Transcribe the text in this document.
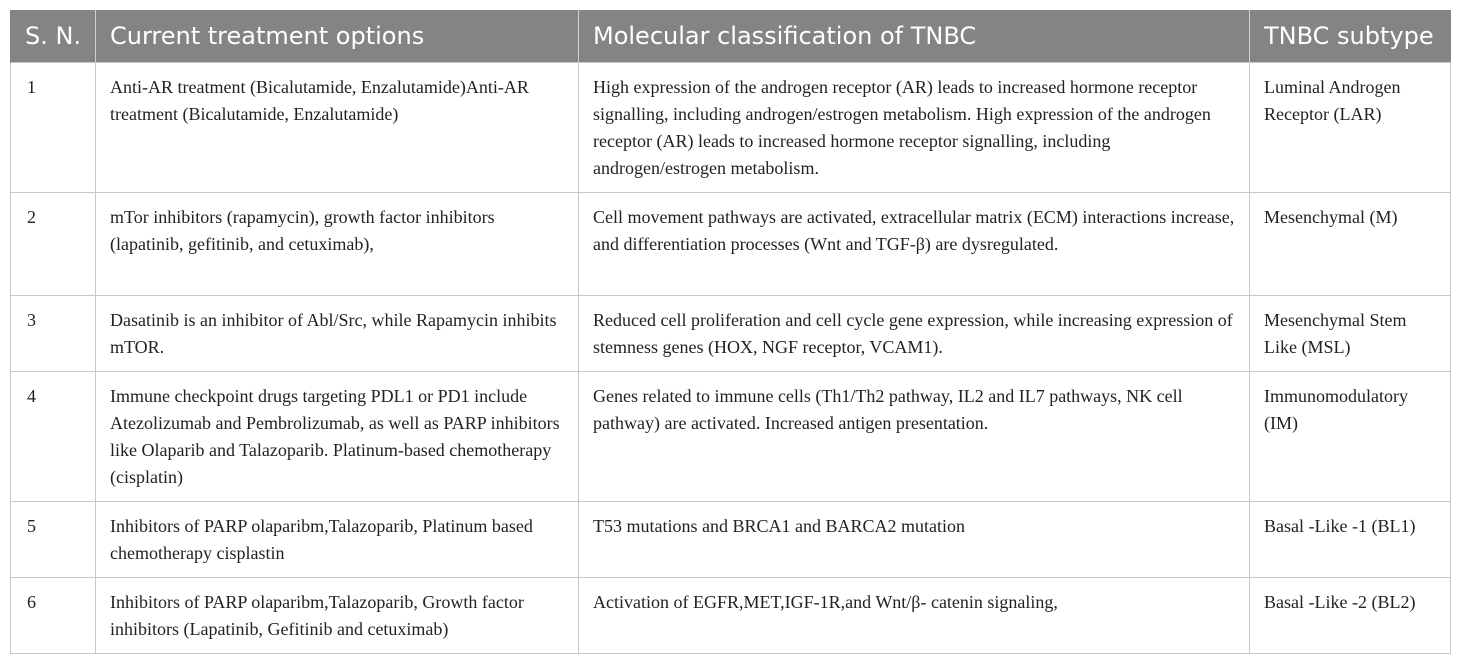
S. N.	Current treatment options	Molecular classification of TNBC	TNBC subtype
1	Anti-AR treatment (Bicalutamide, Enzalutamide)Anti-AR treatment (Bicalutamide, Enzalutamide)	High expression of the androgen receptor (AR) leads to increased hormone receptor signalling, including androgen/estrogen metabolism. High expression of the androgen receptor (AR) leads to increased hormone receptor signalling, including androgen/estrogen metabolism.	Luminal Androgen Receptor (LAR)
2	mTor inhibitors (rapamycin), growth factor inhibitors (lapatinib, gefitinib, and cetuximab),	Cell movement pathways are activated, extracellular matrix (ECM) interactions increase, and differentiation processes (Wnt and TGF-β) are dysregulated.	Mesenchymal (M)
3	Dasatinib is an inhibitor of Abl/Src, while Rapamycin inhibits mTOR.	Reduced cell proliferation and cell cycle gene expression, while increasing expression of stemness genes (HOX, NGF receptor, VCAM1).	Mesenchymal Stem Like (MSL)
4	Immune checkpoint drugs targeting PDL1 or PD1 include Atezolizumab and Pembrolizumab, as well as PARP inhibitors like Olaparib and Talazoparib. Platinum-based chemotherapy (cisplatin)	Genes related to immune cells (Th1/Th2 pathway, IL2 and IL7 pathways, NK cell pathway) are activated. Increased antigen presentation.	Immunomodulatory (IM)
5	Inhibitors of PARP olaparibm,Talazoparib, Platinum based chemotherapy cisplastin	T53 mutations and BRCA1 and BARCA2 mutation	Basal -Like -1 (BL1)
6	Inhibitors of PARP olaparibm,Talazoparib, Growth factor inhibitors (Lapatinib, Gefitinib and cetuximab)	Activation of EGFR,MET,IGF-1R,and Wnt/β- catenin signaling,	Basal -Like -2 (BL2)
